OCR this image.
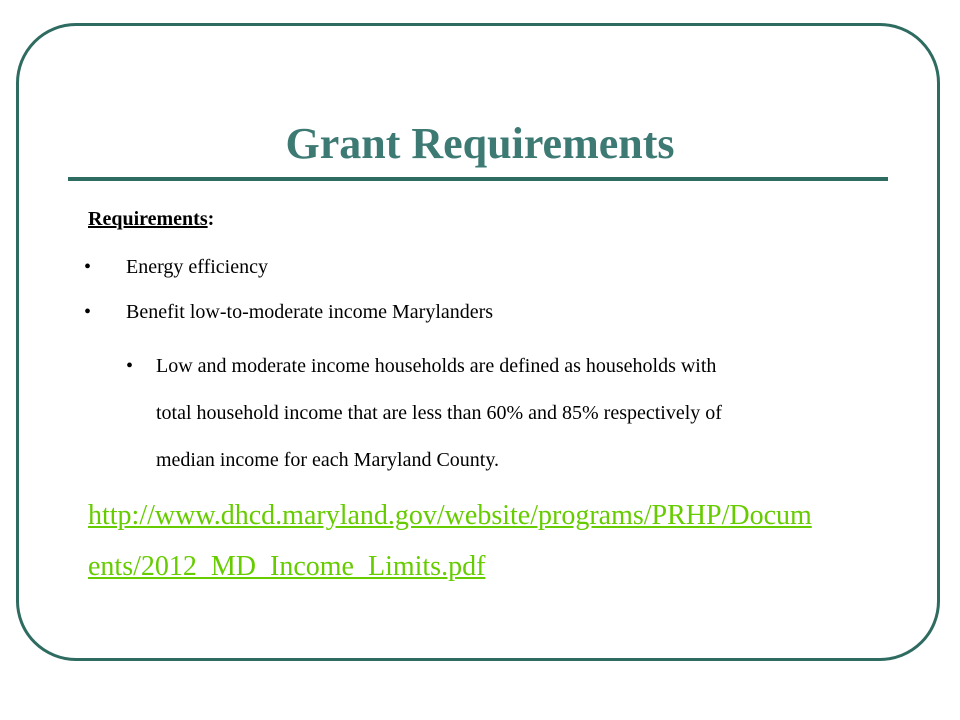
Grant Requirements
Requirements:
• Energy efficiency
• Benefit low-to-moderate income Marylanders
• Low and moderate income households are defined as households with
total household income that are less than 60% and 85% respectively of
median income for each Maryland County.
http://www.dhcd.maryland.gov/website/programs/PRHP/Docum
ents/2012_MD_Income_Limits.pdf
